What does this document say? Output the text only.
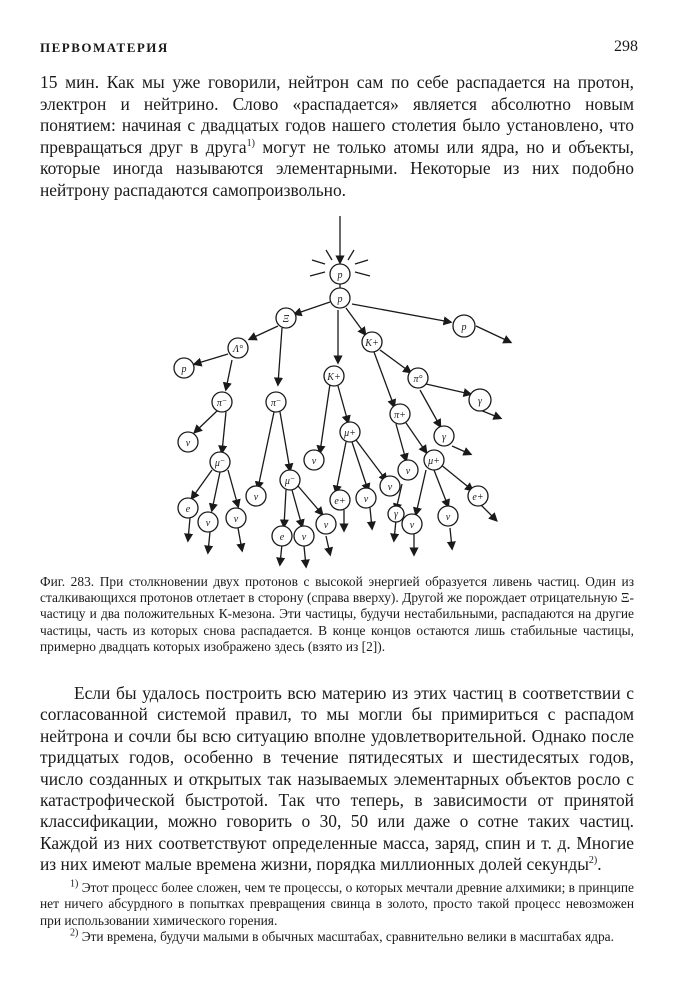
ПЕРВОМАТЕРИЯ	298

15 мин. Как мы уже говорили, нейтрон сам по себе распадается на протон, электрон и нейтрино. Слово «распадается» является абсолютно новым понятием: начиная с двадцатых годов нашего столетия было установлено, что превращаться друг в друга$^{1)}$ могут не только атомы или ядра, но и объекты, которые иногда называются элементарными. Некоторые из них подобно нейтрону распадаются самопроизвольно.

p
p
Ξ
p
Λ°
K+
p
π⁻	π⁻
K+	π°
ν
μ⁻
μ+
π+
γ
γ
ν
μ⁻
ν
μ+
e
ν ν
ν
e ν
ν
e+ ν
ν
ν
ν
e+
γ

Фиг. 283. При столкновении двух протонов с высокой энергией образуется ливень частиц. Один из сталкивающихся протонов отлетает в сторону (справа вверху). Другой же порождает отрицательную Ξ-частицу и два положительных К-мезона. Эти частицы, будучи нестабильными, распадаются на другие частицы, часть из которых снова распадается. В конце концов остаются лишь стабильные частицы, примерно двадцать которых изображено здесь (взято из [2]).

Если бы удалось построить всю материю из этих частиц в соответствии с согласованной системой правил, то мы могли бы примириться с распадом нейтрона и сочли бы всю ситуацию вполне удовлетворительной. Однако после тридцатых годов, особенно в течение пятидесятых и шестидесятых годов, число созданных и открытых так называемых элементарных объектов росло с катастрофической быстротой. Так что теперь, в зависимости от принятой классификации, можно говорить о 30, 50 или даже о сотне таких частиц. Каждой из них соответствуют определенные масса, заряд, спин и т. д. Многие из них имеют малые времена жизни, порядка миллионных долей секунды$^{2)}$.

$^{1)}$ Этот процесс более сложен, чем те процессы, о которых мечтали древние алхимики; в принципе нет ничего абсурдного в попытках превращения свинца в золото, просто такой процесс невозможен при использовании химического горения.

$^{2)}$ Эти времена, будучи малыми в обычных масштабах, сравнительно велики в масштабах ядра.
